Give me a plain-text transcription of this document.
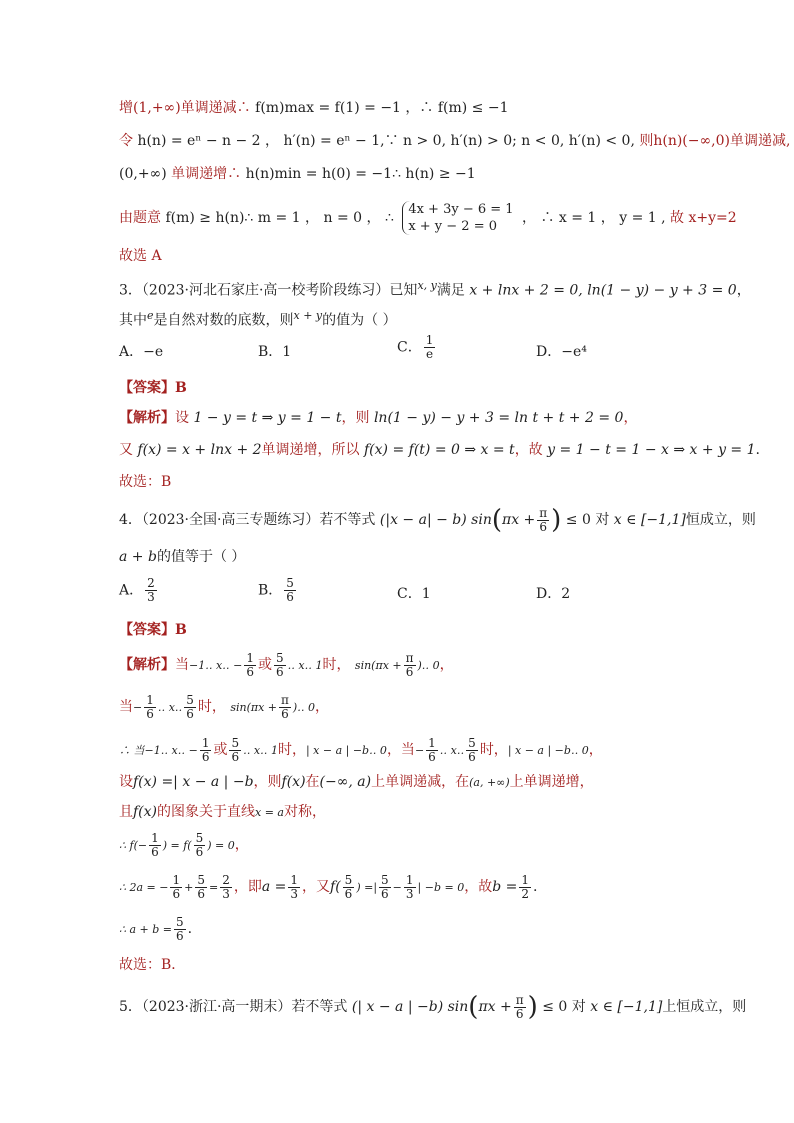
增(1,+∞)单调递减∴ f(m)max = f(1) = −1 ，∴ f(m) ≤ −1
令 h(n) = eⁿ − n − 2 ， h′(n) = eⁿ − 1,∵ n > 0, h′(n) > 0; n < 0, h′(n) < 0, 则h(n)(−∞,0)单调递减,
(0,+∞) 单调递增∴ h(n)min = h(0) = −1∴ h(n) ≥ −1
由题意 f(m) ≥ h(n)∴ m = 1 ， n = 0 ， ∴
4x + 3y − 6 = 1
x + y − 2 = 0
， ∴ x = 1 ， y = 1 , 故 x+y=2
故选 A
3．（2023·河北石家庄·高一校考阶段练习）已知$^{x, y}$满足 x + lnx + 2 = 0, ln(1 − y) − y + 3 = 0，
其中$^e$是自然对数的底数，则$^{x + y}$的值为（ ）
A．−e	B．1	C． $\frac{1}{e}$	D．−e⁴
【答案】B
【解析】设 1 − y = t ⇒ y = 1 − t，则 ln(1 − y) − y + 3 = ln t + t + 2 = 0，
又 f(x) = x + lnx + 2单调递增，所以 f(x) = f(t) = 0 ⇒ x = t，故 y = 1 − t = 1 − x ⇒ x + y = 1.
故选：B
4．（2023·全国·高三专题练习）若不等式 (|x − a| − b) $\sin(\pi x + \frac{\pi}{6}$ ) ≤ 0 对 x ∈ [−1,1]恒成立，则
a + b的值等于（ ）
A． $\frac{2}{3}$	B． $\frac{5}{6}$	C．1	D．2
【答案】B
【解析】当−1‥ x‥ − $\frac{1}{6}$ 或 $\frac{5}{6}$ ‥ x‥ 1时， $\sin(\pi x + \frac{\pi}{6}$ )‥ 0，
当− $\frac{1}{6}$ ‥ x‥ $\frac{5}{6}$ 时， $\sin(\pi x + \frac{\pi}{6}$ )‥ 0，
∴ 当−1‥ x‥ − $\frac{1}{6}$ 或 $\frac{5}{6}$ ‥ x‥ 1时，| x − a | −b‥ 0，当− $\frac{1}{6}$ ‥ x‥ $\frac{5}{6}$ 时，| x − a | −b‥ 0，
设f(x) =| x − a | −b，则f(x)在(−∞, a)上单调递减，在(a, +∞)上单调递增，
且f(x)的图象关于直线x = a对称，
∴ $f(- \frac{1}{6}$ ) = $f( \frac{5}{6}$ ) = 0，
∴ 2a = − $\frac{1}{6} + \frac{5}{6} = \frac{2}{3}$ ，即$a = \frac{1}{3}$ ，又$f( \frac{5}{6}$ ) =| $\frac{5}{6} - \frac{1}{3}$ | −b = 0，故$b = \frac{1}{2}$ .
∴ $a + b = \frac{5}{6}$ .
故选：B．
5．（2023·浙江·高一期末）若不等式 (| x − a | −b) $\sin(\pi x + \frac{\pi}{6}$ ) ≤ 0 对 x ∈ [−1,1]上恒成立，则
